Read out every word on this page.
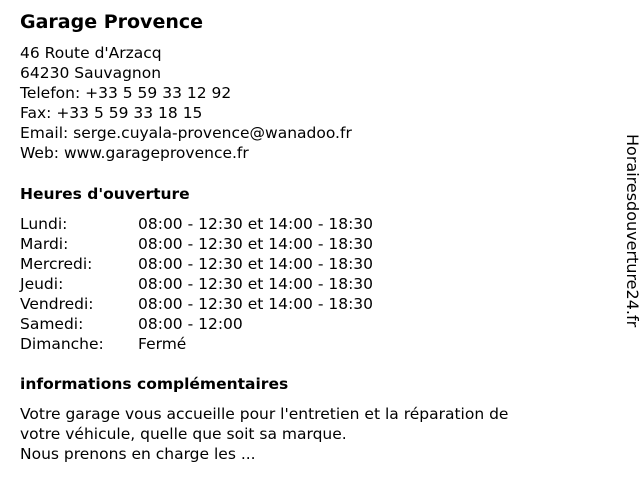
Garage Provence
46 Route d'Arzacq
64230 Sauvagnon
Telefon: +33 5 59 33 12 92
Fax: +33 5 59 33 18 15
Email: serge.cuyala-provence@wanadoo.fr
Web: www.garageprovence.fr
Heures d'ouverture
Lundi:	08:00 - 12:30 et 14:00 - 18:30
Mardi:	08:00 - 12:30 et 14:00 - 18:30
Mercredi:	08:00 - 12:30 et 14:00 - 18:30
Jeudi:	08:00 - 12:30 et 14:00 - 18:30
Vendredi:	08:00 - 12:30 et 14:00 - 18:30
Samedi:	08:00 - 12:00
Dimanche:	Fermé
informations complémentaires
Votre garage vous accueille pour l'entretien et la réparation de
votre véhicule, quelle que soit sa marque.
Nous prenons en charge les ...
Horairesdouverture24.fr
